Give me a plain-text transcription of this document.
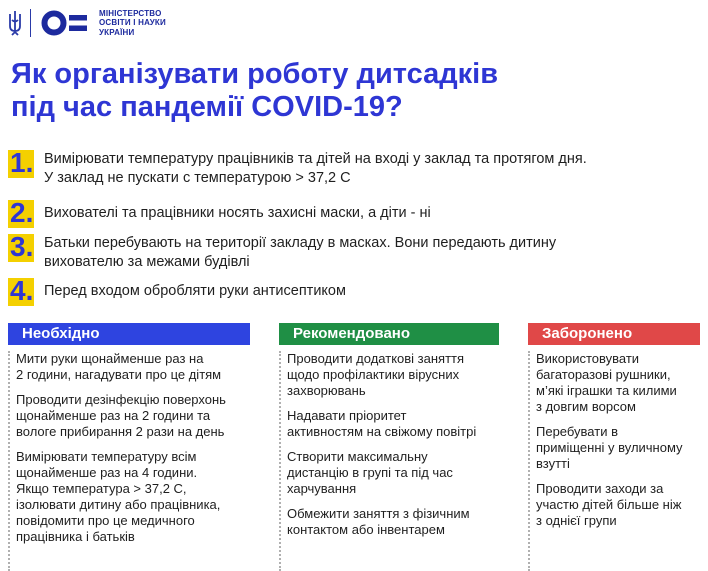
МІНІСТЕРСТВО
ОСВІТИ І НАУКИ
УКРАЇНИ
Як організувати роботу дитсадків
під час пандемії COVID-19?
1. Вимірювати температуру працівників та дітей на вході у заклад та протягом дня.
У заклад не пускати с температурою > 37,2 С
2. Вихователі та працівники носять захисні маски, а діти - ні
3. Батьки перебувають на території закладу в масках. Вони передають дитину
вихователю за межами будівлі
4. Перед входом обробляти руки антисептиком
Необхідно
Мити руки щонайменше раз на
2 години, нагадувати про це дітям
Проводити дезінфекцію поверхонь
щонайменше раз на 2 години та
вологе прибирання 2 рази на день
Вимірювати температуру всім
щонайменше раз на 4 години.
Якщо температура > 37,2 С,
ізолювати дитину або працівника,
повідомити про це медичного
працівника і батьків
Рекомендовано
Проводити додаткові заняття
щодо профілактики вірусних
захворювань
Надавати пріоритет
активностям на свіжому повітрі
Створити максимальну
дистанцію в групі та під час
харчування
Обмежити заняття з фізичним
контактом або інвентарем
Заборонено
Використовувати
багаторазові рушники,
м’які іграшки та килими
з довгим ворсом
Перебувати в
приміщенні у вуличному
взутті
Проводити заходи за
участю дітей більше ніж
з однієї групи
